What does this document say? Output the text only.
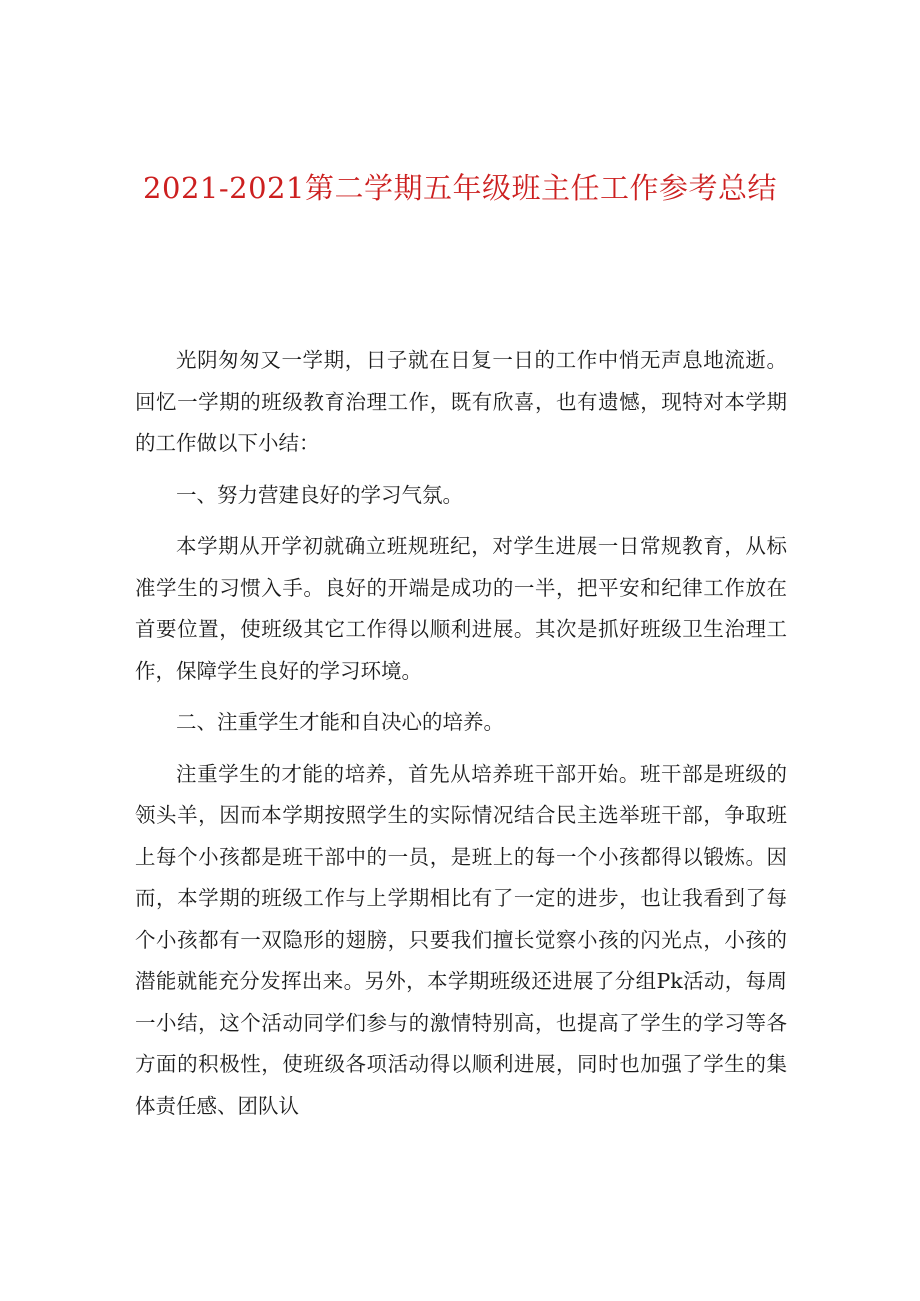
2021-2021第二学期五年级班主任工作参考总结

光阴匆匆又一学期，日子就在日复一日的工作中悄无声息地流逝。回忆一学期的班级教育治理工作，既有欣喜，也有遗憾，现特对本学期的工作做以下小结：

一、努力营建良好的学习气氛。

本学期从开学初就确立班规班纪，对学生进展一日常规教育，从标准学生的习惯入手。良好的开端是成功的一半，把平安和纪律工作放在首要位置，使班级其它工作得以顺利进展。其次是抓好班级卫生治理工作，保障学生良好的学习环境。

二、注重学生才能和自决心的培养。

注重学生的才能的培养，首先从培养班干部开始。班干部是班级的领头羊，因而本学期按照学生的实际情况结合民主选举班干部，争取班上每个小孩都是班干部中的一员，是班上的每一个小孩都得以锻炼。因而，本学期的班级工作与上学期相比有了一定的进步，也让我看到了每个小孩都有一双隐形的翅膀，只要我们擅长觉察小孩的闪光点，小孩的潜能就能充分发挥出来。另外，本学期班级还进展了分组Pk活动，每周一小结，这个活动同学们参与的激情特别高，也提高了学生的学习等各方面的积极性，使班级各项活动得以顺利进展，同时也加强了学生的集体责任感、团队认
